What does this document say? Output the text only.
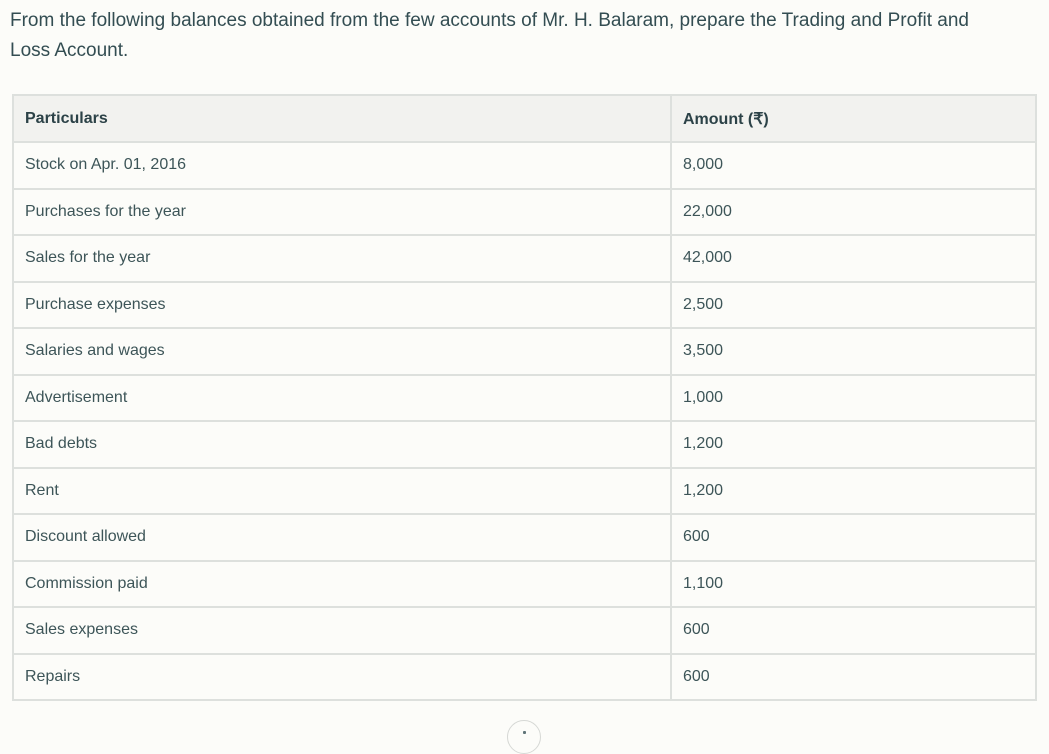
From the following balances obtained from the few accounts of Mr. H. Balaram, prepare the Trading and Profit and Loss Account.
Particulars	Amount (₹)
Stock on Apr. 01, 2016	8,000
Purchases for the year	22,000
Sales for the year	42,000
Purchase expenses	2,500
Salaries and wages	3,500
Advertisement	1,000
Bad debts	1,200
Rent	1,200
Discount allowed	600
Commission paid	1,100
Sales expenses	600
Repairs	600
